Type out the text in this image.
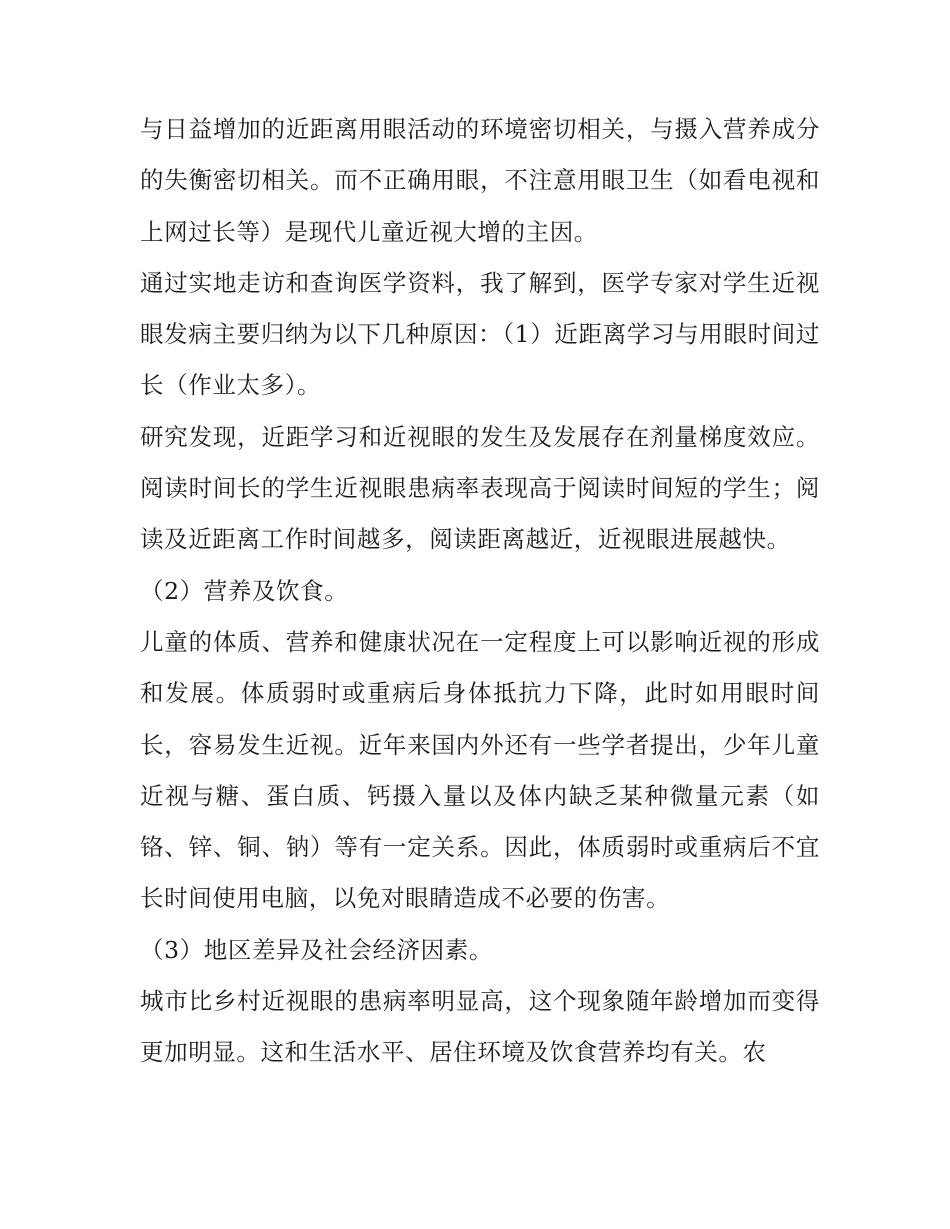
与日益增加的近距离用眼活动的环境密切相关，与摄入营养成分的失衡密切相关。而不正确用眼，不注意用眼卫生（如看电视和上网过长等）是现代儿童近视大增的主因。

通过实地走访和查询医学资料，我了解到，医学专家对学生近视眼发病主要归纳为以下几种原因：（1）近距离学习与用眼时间过长（作业太多）。

研究发现，近距学习和近视眼的发生及发展存在剂量梯度效应。阅读时间长的学生近视眼患病率表现高于阅读时间短的学生；阅读及近距离工作时间越多，阅读距离越近，近视眼进展越快。

（2）营养及饮食。

儿童的体质、营养和健康状况在一定程度上可以影响近视的形成和发展。体质弱时或重病后身体抵抗力下降，此时如用眼时间长，容易发生近视。近年来国内外还有一些学者提出，少年儿童近视与糖、蛋白质、钙摄入量以及体内缺乏某种微量元素（如铬、锌、铜、钠）等有一定关系。因此，体质弱时或重病后不宜长时间使用电脑，以免对眼睛造成不必要的伤害。

（3）地区差异及社会经济因素。

城市比乡村近视眼的患病率明显高，这个现象随年龄增加而变得更加明显。这和生活水平、居住环境及饮食营养均有关。农
